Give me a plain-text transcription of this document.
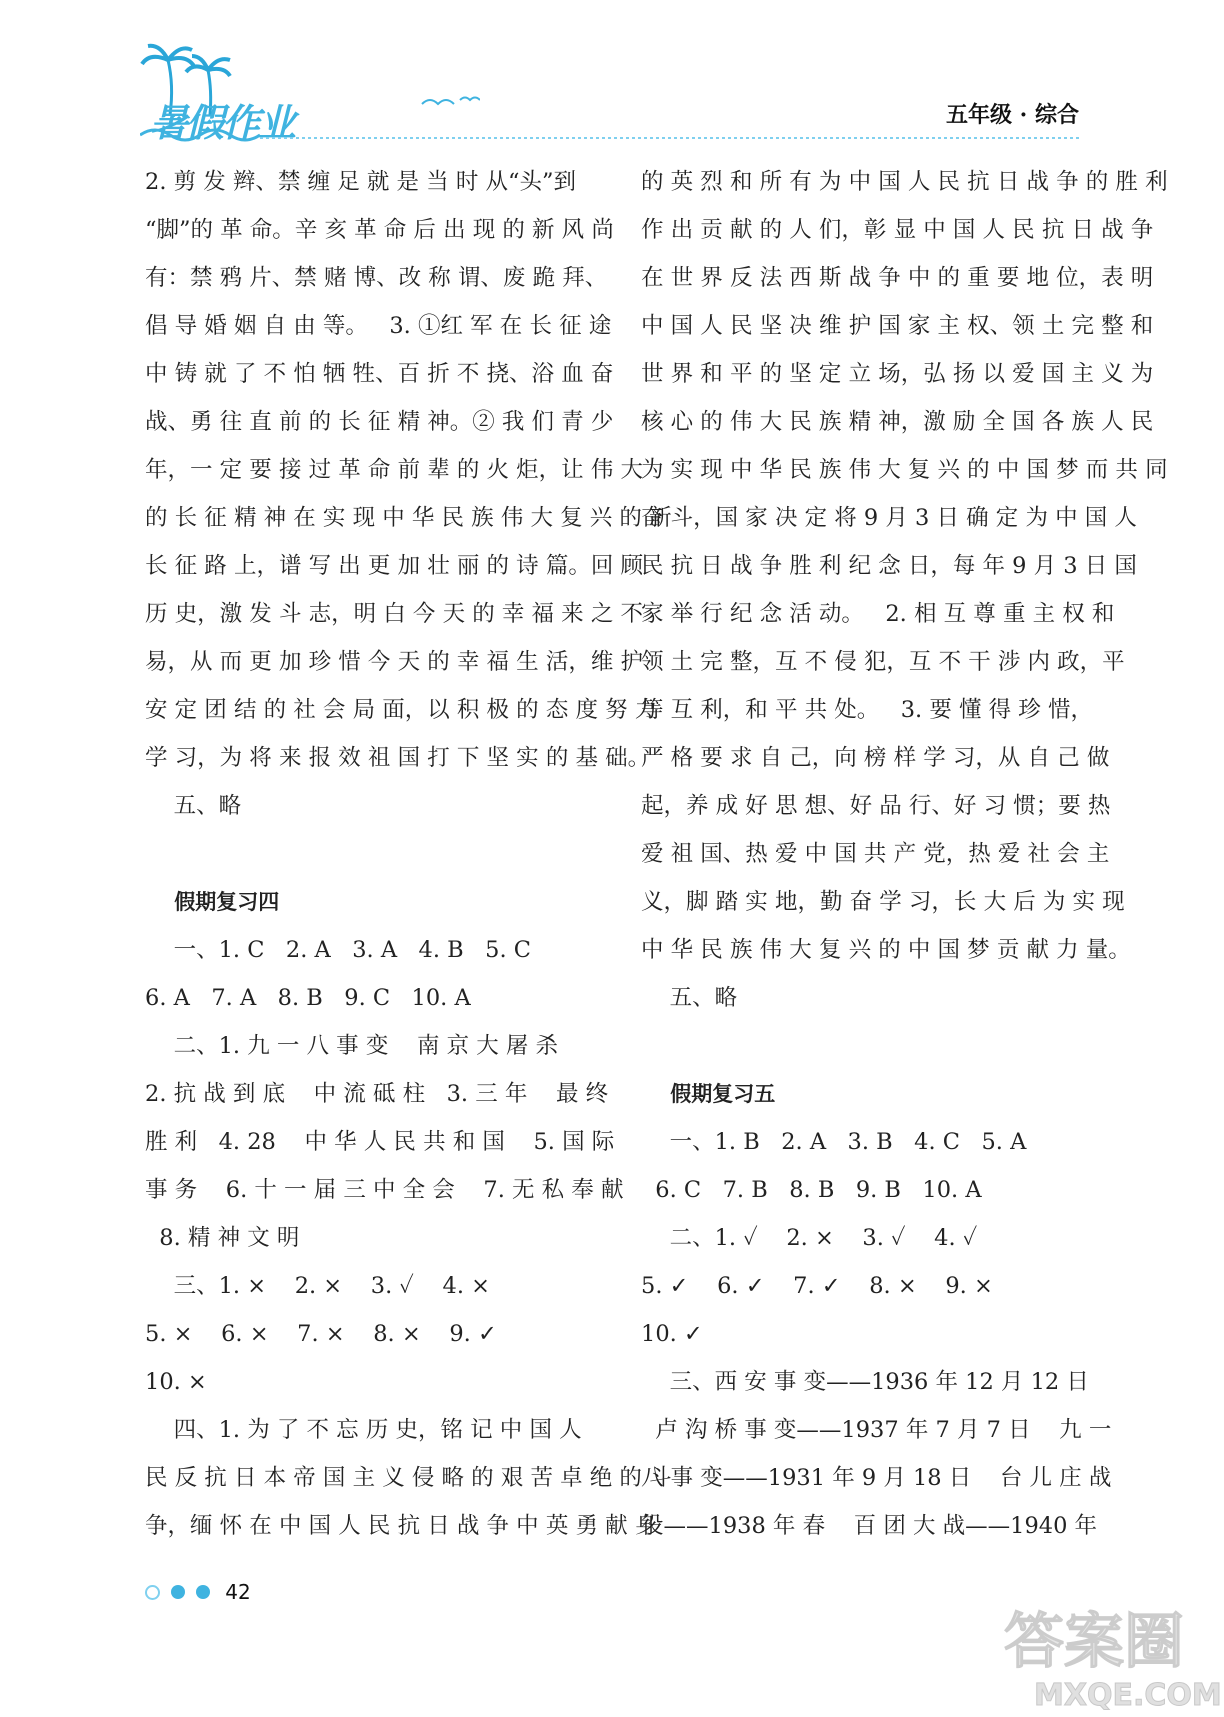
暑假作业	五年级 · 综合
2. 剪 发 辫、禁 缠 足 就 是 当 时 从“头”到
“脚”的 革 命。辛 亥 革 命 后 出 现 的 新 风 尚
有：禁 鸦 片、禁 赌 博、改 称 谓、废 跪 拜、
倡 导 婚 姻 自 由 等。   3. ①红 军 在 长 征 途
中 铸 就 了 不 怕 牺 牲、百 折 不 挠、浴 血 奋
战、勇 往 直 前 的 长 征 精 神。② 我 们 青 少
年，一 定 要 接 过 革 命 前 辈 的 火 炬，让 伟 大
的 长 征 精 神 在 实 现 中 华 民 族 伟 大 复 兴 的 新
长 征 路 上，谱 写 出 更 加 壮 丽 的 诗 篇。回 顾
历 史，激 发 斗 志，明 白 今 天 的 幸 福 来 之 不
易，从 而 更 加 珍 惜 今 天 的 幸 福 生 活，维 护
安 定 团 结 的 社 会 局 面，以 积 极 的 态 度 努 力
学 习，为 将 来 报 效 祖 国 打 下 坚 实 的 基 础。
五、略
假期复习四
一、1. C   2. A   3. A   4. B   5. C
6. A   7. A   8. B   9. C   10. A
二、1. 九 一 八 事 变    南 京 大 屠 杀
2. 抗 战 到 底    中 流 砥 柱   3. 三 年    最 终
胜 利   4. 28    中 华 人 民 共 和 国    5. 国 际
事 务    6. 十 一 届 三 中 全 会    7. 无 私 奉 献
8. 精 神 文 明
三、1. ×    2. ×    3. ✓    4. ×
5. ×    6. ×    7. ×    8. ×    9. ✓
10. ×
四、1. 为 了 不 忘 历 史，铭 记 中 国 人
民 反 抗 日 本 帝 国 主 义 侵 略 的 艰 苦 卓 绝 的 斗
争，缅 怀 在 中 国 人 民 抗 日 战 争 中 英 勇 献 身
的 英 烈 和 所 有 为 中 国 人 民 抗 日 战 争 的 胜 利
作 出 贡 献 的 人 们，彰 显 中 国 人 民 抗 日 战 争
在 世 界 反 法 西 斯 战 争 中 的 重 要 地 位，表 明
中 国 人 民 坚 决 维 护 国 家 主 权、领 土 完 整 和
世 界 和 平 的 坚 定 立 场，弘 扬 以 爱 国 主 义 为
核 心 的 伟 大 民 族 精 神，激 励 全 国 各 族 人 民
为 实 现 中 华 民 族 伟 大 复 兴 的 中 国 梦 而 共 同
奋 斗，国 家 决 定 将 9 月 3 日 确 定 为 中 国 人
民 抗 日 战 争 胜 利 纪 念 日，每 年 9 月 3 日 国
家 举 行 纪 念 活 动。   2. 相 互 尊 重 主 权 和
领 土 完 整，互 不 侵 犯，互 不 干 涉 内 政，平
等 互 利，和 平 共 处。   3. 要 懂 得 珍 惜，
严 格 要 求 自 己，向 榜 样 学 习，从 自 己 做
起，养 成 好 思 想、好 品 行、好 习 惯；要 热
爱 祖 国、热 爱 中 国 共 产 党，热 爱 社 会 主
义，脚 踏 实 地，勤 奋 学 习，长 大 后 为 实 现
中 华 民 族 伟 大 复 兴 的 中 国 梦 贡 献 力 量。
五、略
假期复习五
一、1. B   2. A   3. B   4. C   5. A
6. C   7. B   8. B   9. B   10. A
二、1. ✓    2. ×    3. ✓    4. ✓
5. ✓    6. ✓    7. ✓    8. ×    9. ×
10. ✓
三、西 安 事 变——1936 年 12 月 12 日
卢 沟 桥 事 变——1937 年 7 月 7 日    九 一
八 事 变——1931 年 9 月 18 日    台 儿 庄 战
役——1938 年 春    百 团 大 战——1940 年
42
答案圈
MXQE.COM
